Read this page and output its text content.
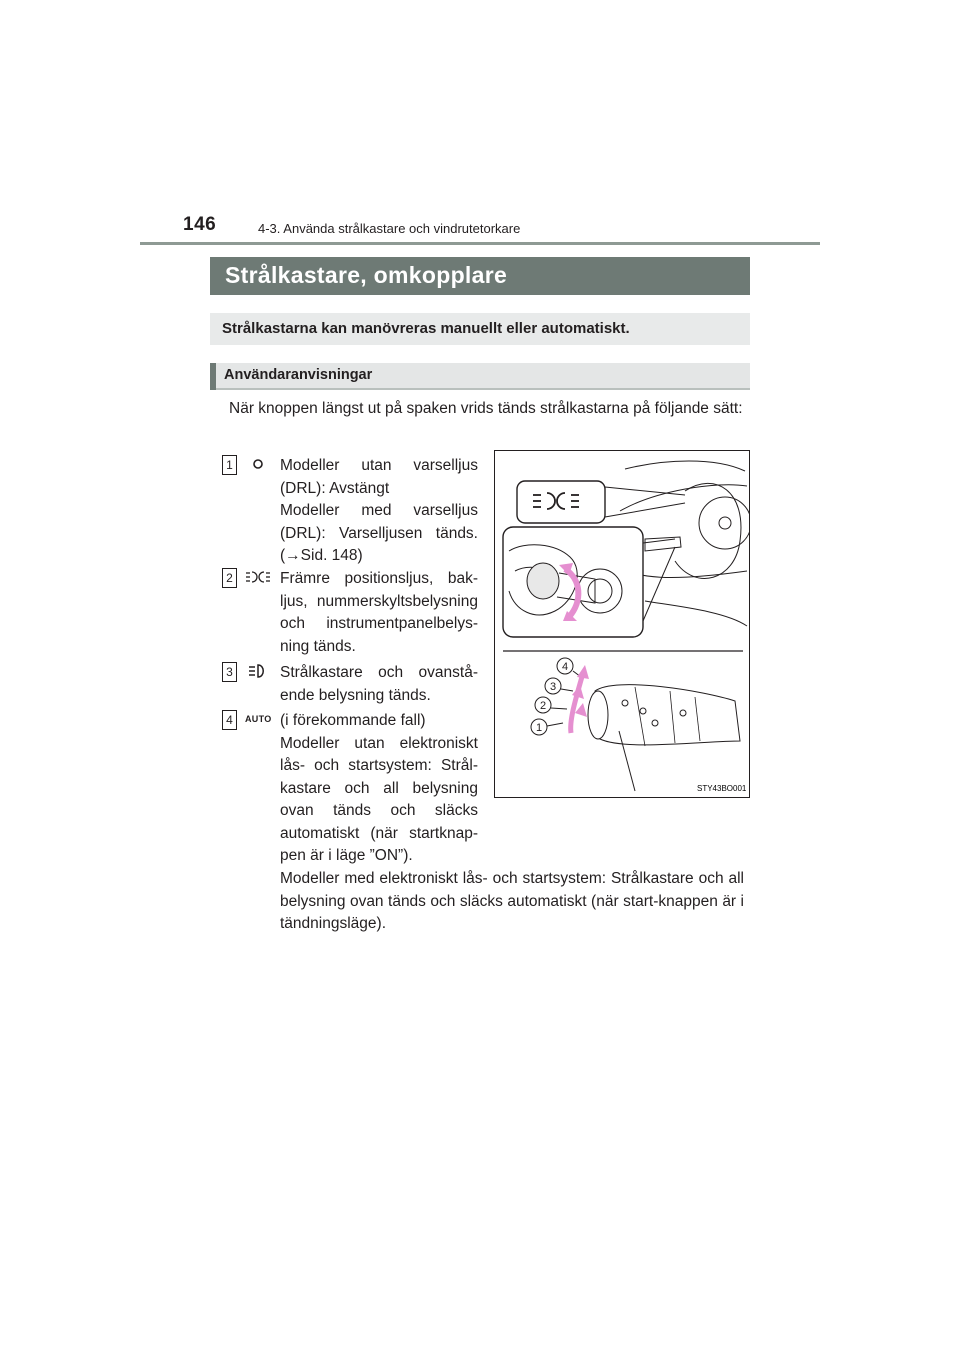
146	4-3. Använda strålkastare och vindrutetorkare
Strålkastare, omkopplare
Strålkastarna kan manövreras manuellt eller automatiskt.
Användaranvisningar
När knoppen längst ut på spaken vrids tänds strålkastarna på följande sätt:
1	Modeller utan varselljus (DRL): Avstängt
Modeller med varselljus (DRL): Varselljusen tänds. (→Sid. 148)
2	Främre positionsljus, bak-ljus, nummerskyltsbelysning och instrumentpanelbelys-ning tänds.
3	Strålkastare och ovanstå-ende belysning tänds.
4	AUTO (i förekommande fall)
Modeller utan elektroniskt lås- och startsystem: Strål-kastare och all belysning ovan tänds och släcks automatiskt (när startknap-pen är i läge ”ON”).
Modeller med elektroniskt lås- och startsystem: Strålkastare och all belysning ovan tänds och släcks automatiskt (när start-knappen är i tändningsläge).
4
3
2
1
STY43BO001
